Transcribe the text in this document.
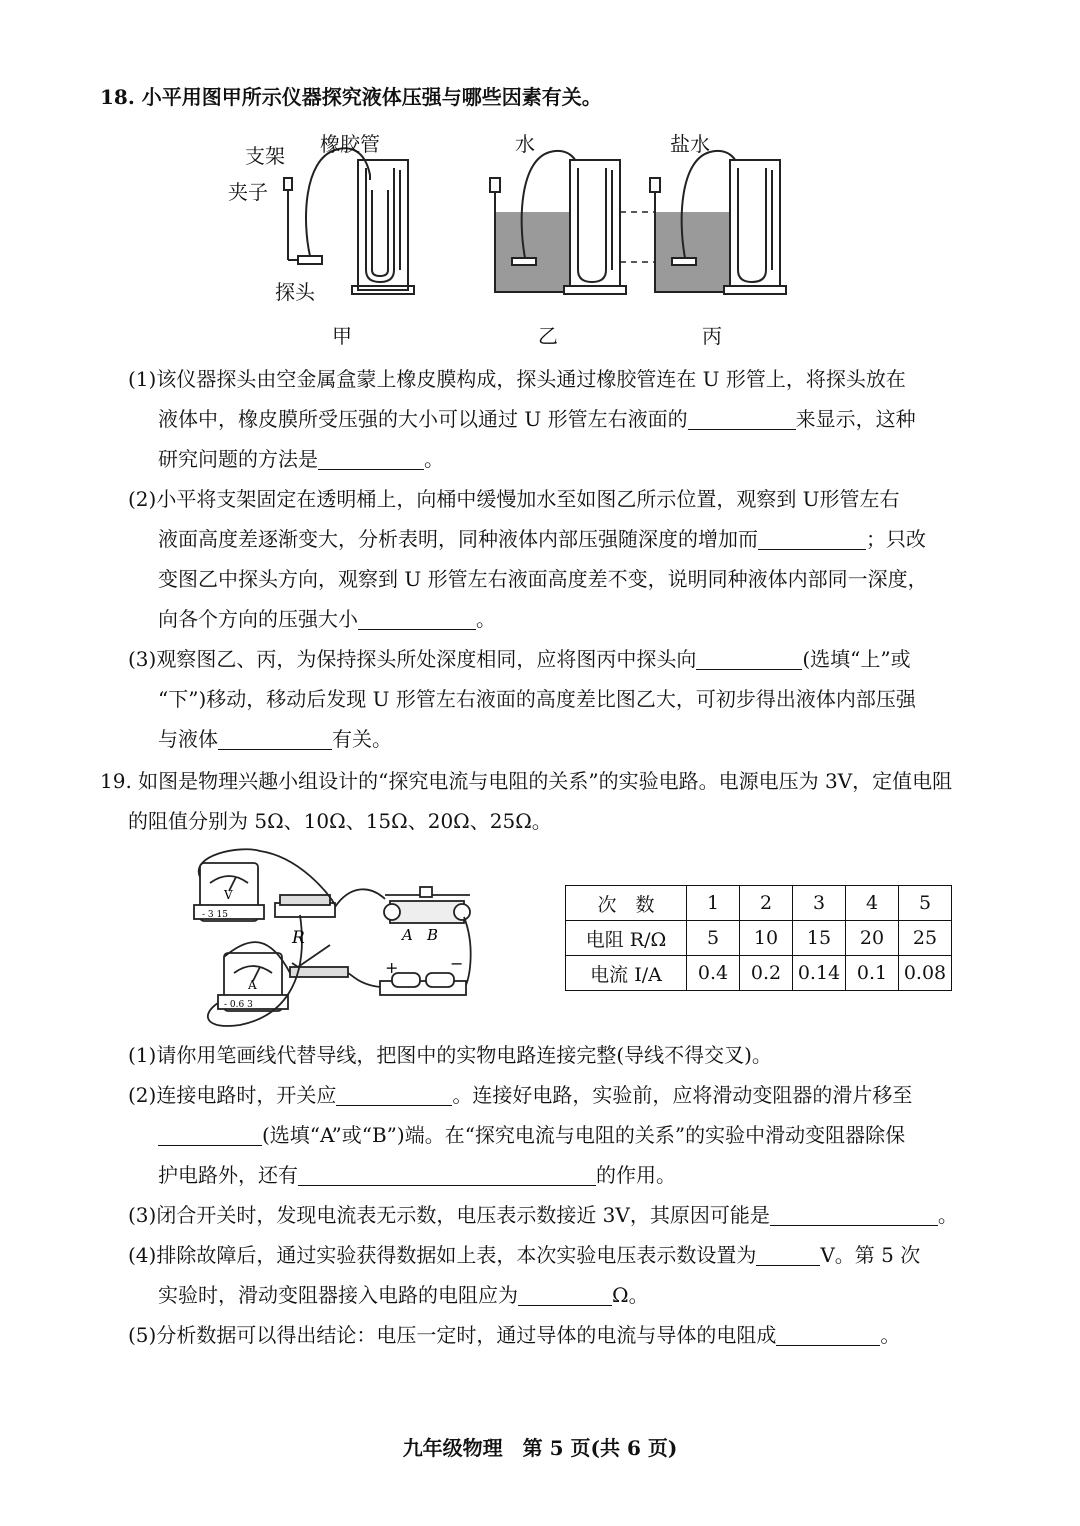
18. 小平用图甲所示仪器探究液体压强与哪些因素有关。
支架
夹子
橡胶管
探头
水	盐水
甲	乙	丙
(1)该仪器探头由空金属盒蒙上橡皮膜构成，探头通过橡胶管连在 U 形管上，将探头放在
液体中，橡皮膜所受压强的大小可以通过 U 形管左右液面的	来显示，这种
研究问题的方法是	。
(2)小平将支架固定在透明桶上，向桶中缓慢加水至如图乙所示位置，观察到 U形管左右
液面高度差逐渐变大，分析表明，同种液体内部压强随深度的增加而	；只改
变图乙中探头方向，观察到 U 形管左右液面高度差不变，说明同种液体内部同一深度，
向各个方向的压强大小	。
(3)观察图乙、丙，为保持探头所处深度相同，应将图丙中探头向	(选填“上”或
“下”)移动，移动后发现 U 形管左右液面的高度差比图乙大，可初步得出液体内部压强
与液体	有关。
19. 如图是物理兴趣小组设计的“探究电流与电阻的关系”的实验电路。电源电压为 3V，定值电阻
的阻值分别为 5Ω、10Ω、15Ω、20Ω、25Ω。
R	A B
V
A
- 3 15
- 0.6 3
+	−
次　数	1	2	3	4	5
电阻 R/Ω	5	10	15	20	25
电流 I/A	0.4	0.2	0.14	0.1	0.08
(1)请你用笔画线代替导线，把图中的实物电路连接完整(导线不得交叉)。
(2)连接电路时，开关应	。连接好电路，实验前，应将滑动变阻器的滑片移至
(选填“A”或“B”)端。在“探究电流与电阻的关系”的实验中滑动变阻器除保
护电路外，还有	的作用。
(3)闭合开关时，发现电流表无示数，电压表示数接近 3V，其原因可能是	。
(4)排除故障后，通过实验获得数据如上表，本次实验电压表示数设置为	V。第 5 次
实验时，滑动变阻器接入电路的电阻应为	Ω。
(5)分析数据可以得出结论：电压一定时，通过导体的电流与导体的电阻成	。
九年级物理　第 5 页(共 6 页)
